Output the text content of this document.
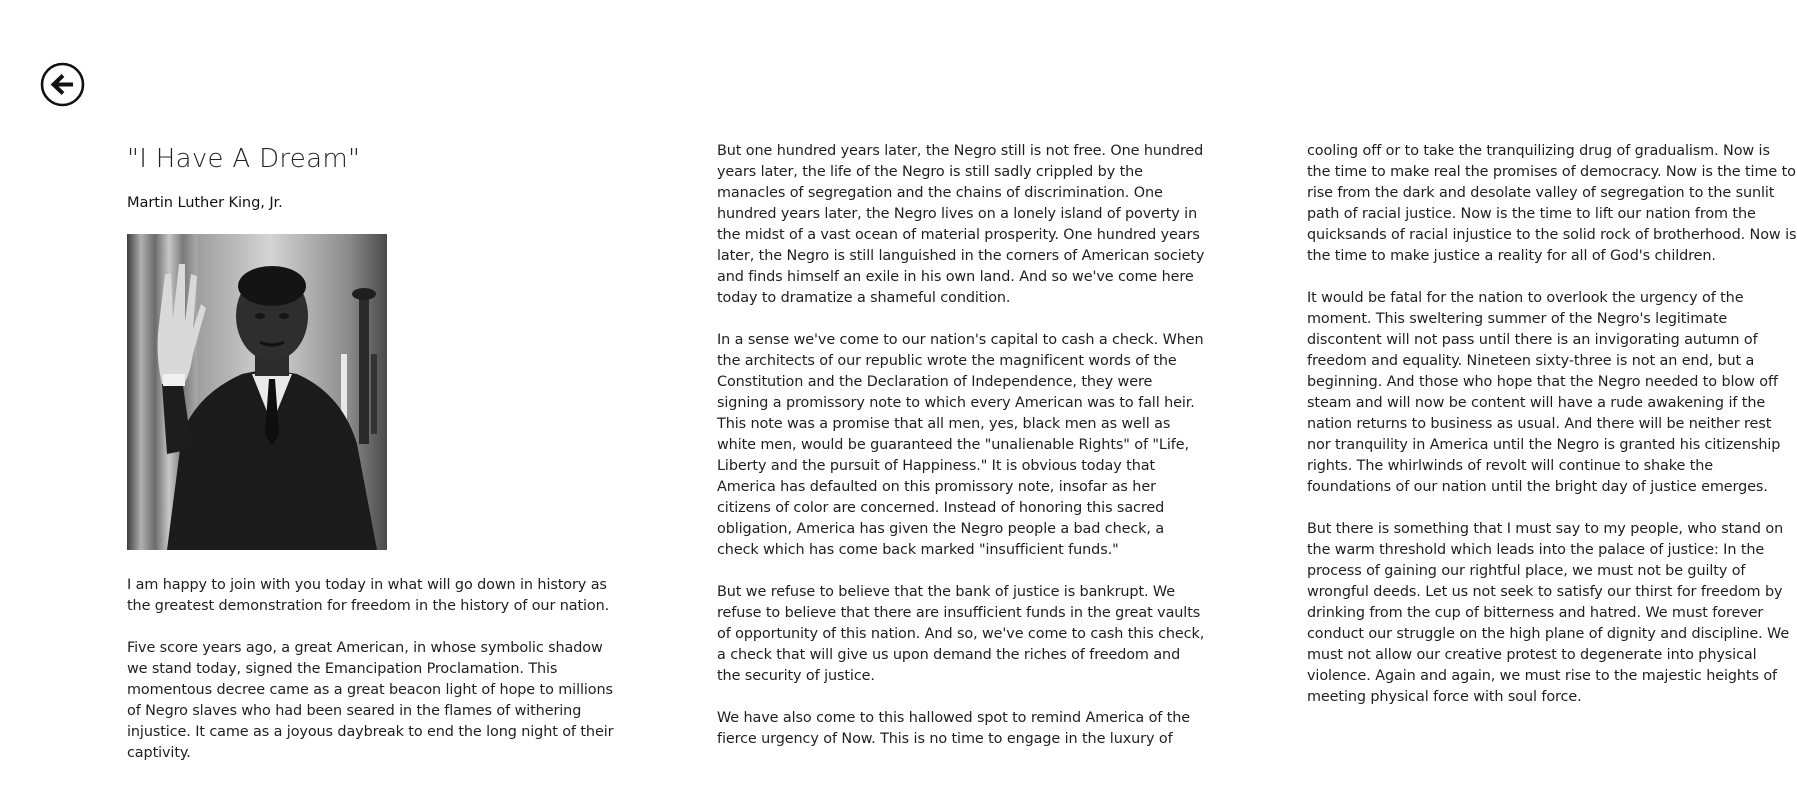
"I Have A Dream"
Martin Luther King, Jr.

I am happy to join with you today in what will go down in history as the greatest demonstration for freedom in the history of our nation.

Five score years ago, a great American, in whose symbolic shadow we stand today, signed the Emancipation Proclamation. This momentous decree came as a great beacon light of hope to millions of Negro slaves who had been seared in the flames of withering injustice. It came as a joyous daybreak to end the long night of their captivity.

But one hundred years later, the Negro still is not free. One hundred years later, the life of the Negro is still sadly crippled by the manacles of segregation and the chains of discrimination. One hundred years later, the Negro lives on a lonely island of poverty in the midst of a vast ocean of material prosperity. One hundred years later, the Negro is still languished in the corners of American society and finds himself an exile in his own land. And so we've come here today to dramatize a shameful condition.

In a sense we've come to our nation's capital to cash a check. When the architects of our republic wrote the magnificent words of the Constitution and the Declaration of Independence, they were signing a promissory note to which every American was to fall heir. This note was a promise that all men, yes, black men as well as white men, would be guaranteed the "unalienable Rights" of "Life, Liberty and the pursuit of Happiness." It is obvious today that America has defaulted on this promissory note, insofar as her citizens of color are concerned. Instead of honoring this sacred obligation, America has given the Negro people a bad check, a check which has come back marked "insufficient funds."

But we refuse to believe that the bank of justice is bankrupt. We refuse to believe that there are insufficient funds in the great vaults of opportunity of this nation. And so, we've come to cash this check, a check that will give us upon demand the riches of freedom and the security of justice.

We have also come to this hallowed spot to remind America of the fierce urgency of Now. This is no time to engage in the luxury of

cooling off or to take the tranquilizing drug of gradualism. Now is the time to make real the promises of democracy. Now is the time to rise from the dark and desolate valley of segregation to the sunlit path of racial justice. Now is the time to lift our nation from the quicksands of racial injustice to the solid rock of brotherhood. Now is the time to make justice a reality for all of God's children.

It would be fatal for the nation to overlook the urgency of the moment. This sweltering summer of the Negro's legitimate discontent will not pass until there is an invigorating autumn of freedom and equality. Nineteen sixty-three is not an end, but a beginning. And those who hope that the Negro needed to blow off steam and will now be content will have a rude awakening if the nation returns to business as usual. And there will be neither rest nor tranquility in America until the Negro is granted his citizenship rights. The whirlwinds of revolt will continue to shake the foundations of our nation until the bright day of justice emerges.

But there is something that I must say to my people, who stand on the warm threshold which leads into the palace of justice: In the process of gaining our rightful place, we must not be guilty of wrongful deeds. Let us not seek to satisfy our thirst for freedom by drinking from the cup of bitterness and hatred. We must forever conduct our struggle on the high plane of dignity and discipline. We must not allow our creative protest to degenerate into physical violence. Again and again, we must rise to the majestic heights of meeting physical force with soul force.
